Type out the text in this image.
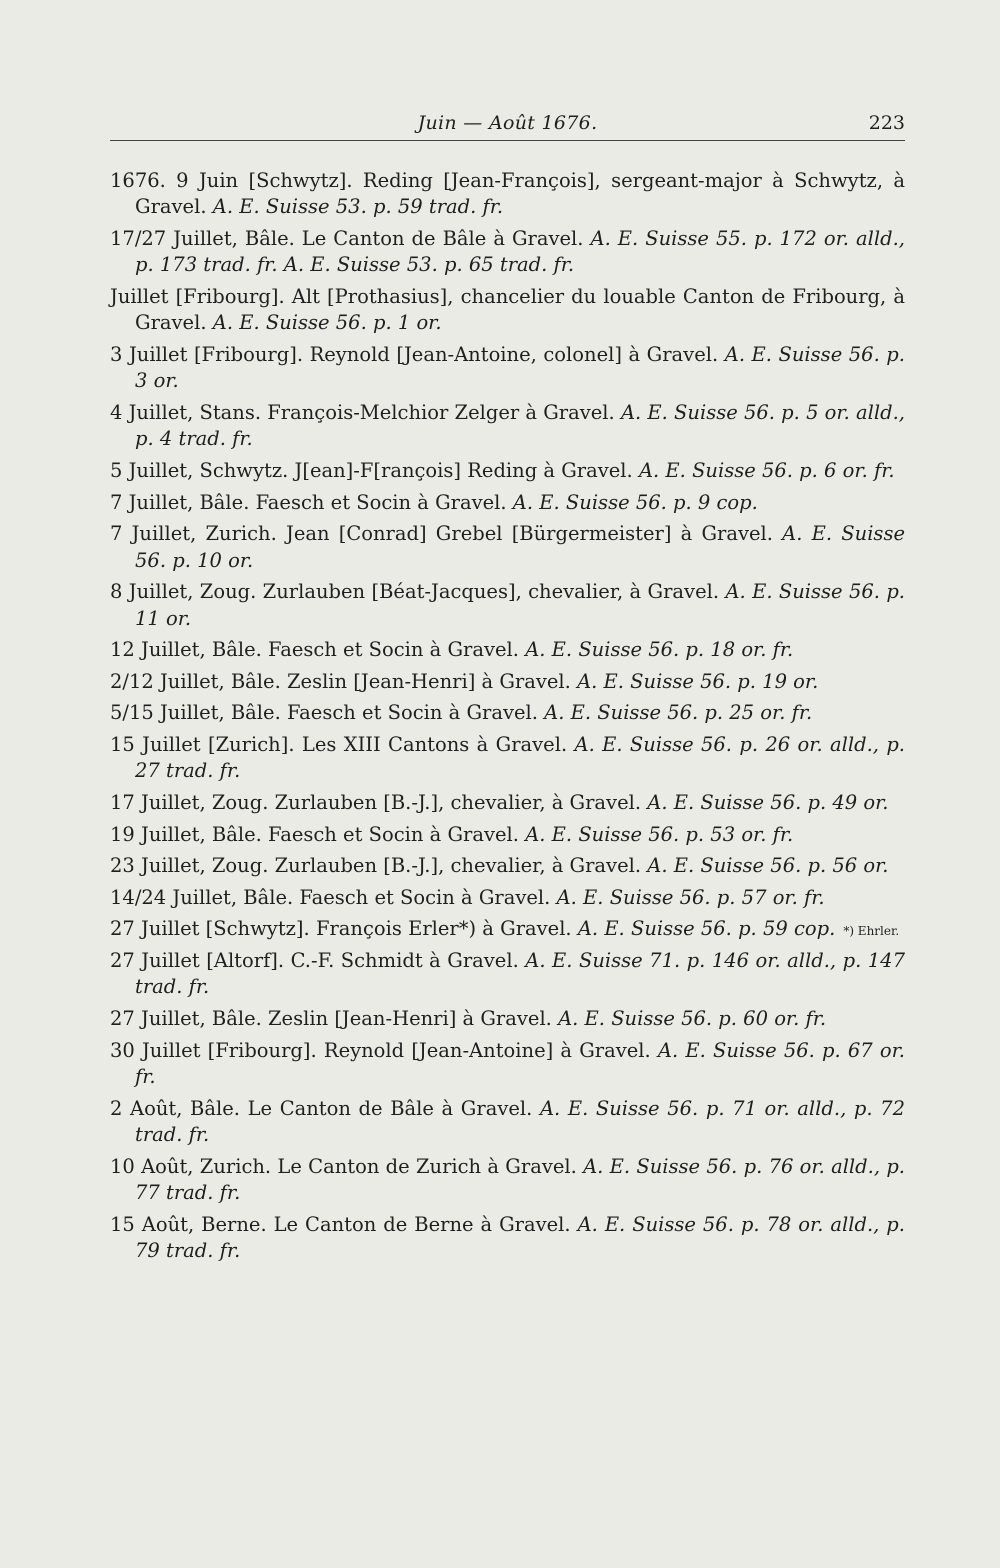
Juin — Août 1676.	223

1676. 9 Juin [Schwytz]. Reding [Jean-François], sergeant-major à Schwytz, à Gravel. A. E. Suisse 53. p. 59 trad. fr.

17/27 Juillet, Bâle. Le Canton de Bâle à Gravel. A. E. Suisse 55. p. 172 or. alld., p. 173 trad. fr. A. E. Suisse 53. p. 65 trad. fr.

Juillet [Fribourg]. Alt [Prothasius], chancelier du louable Canton de Fribourg, à Gravel. A. E. Suisse 56. p. 1 or.

3 Juillet [Fribourg]. Reynold [Jean-Antoine, colonel] à Gravel. A. E. Suisse 56. p. 3 or.

4 Juillet, Stans. François-Melchior Zelger à Gravel. A. E. Suisse 56. p. 5 or. alld., p. 4 trad. fr.

5 Juillet, Schwytz. J[ean]-F[rançois] Reding à Gravel. A. E. Suisse 56. p. 6 or. fr.

7 Juillet, Bâle. Faesch et Socin à Gravel. A. E. Suisse 56. p. 9 cop.

7 Juillet, Zurich. Jean [Conrad] Grebel [Bürgermeister] à Gravel. A. E. Suisse 56. p. 10 or.

8 Juillet, Zoug. Zurlauben [Béat-Jacques], chevalier, à Gravel. A. E. Suisse 56. p. 11 or.

12 Juillet, Bâle. Faesch et Socin à Gravel. A. E. Suisse 56. p. 18 or. fr.

2/12 Juillet, Bâle. Zeslin [Jean-Henri] à Gravel. A. E. Suisse 56. p. 19 or.

5/15 Juillet, Bâle. Faesch et Socin à Gravel. A. E. Suisse 56. p. 25 or. fr.

15 Juillet [Zurich]. Les XIII Cantons à Gravel. A. E. Suisse 56. p. 26 or. alld., p. 27 trad. fr.

17 Juillet, Zoug. Zurlauben [B.-J.], chevalier, à Gravel. A. E. Suisse 56. p. 49 or.

19 Juillet, Bâle. Faesch et Socin à Gravel. A. E. Suisse 56. p. 53 or. fr.

23 Juillet, Zoug. Zurlauben [B.-J.], chevalier, à Gravel. A. E. Suisse 56. p. 56 or.

14/24 Juillet, Bâle. Faesch et Socin à Gravel. A. E. Suisse 56. p. 57 or. fr.

27 Juillet [Schwytz]. François Erler*) à Gravel. A. E. Suisse 56. p. 59 cop. *) Ehrler.

27 Juillet [Altorf]. C.-F. Schmidt à Gravel. A. E. Suisse 71. p. 146 or. alld., p. 147 trad. fr.

27 Juillet, Bâle. Zeslin [Jean-Henri] à Gravel. A. E. Suisse 56. p. 60 or. fr.

30 Juillet [Fribourg]. Reynold [Jean-Antoine] à Gravel. A. E. Suisse 56. p. 67 or. fr.

2 Août, Bâle. Le Canton de Bâle à Gravel. A. E. Suisse 56. p. 71 or. alld., p. 72 trad. fr.

10 Août, Zurich. Le Canton de Zurich à Gravel. A. E. Suisse 56. p. 76 or. alld., p. 77 trad. fr.

15 Août, Berne. Le Canton de Berne à Gravel. A. E. Suisse 56. p. 78 or. alld., p. 79 trad. fr.
